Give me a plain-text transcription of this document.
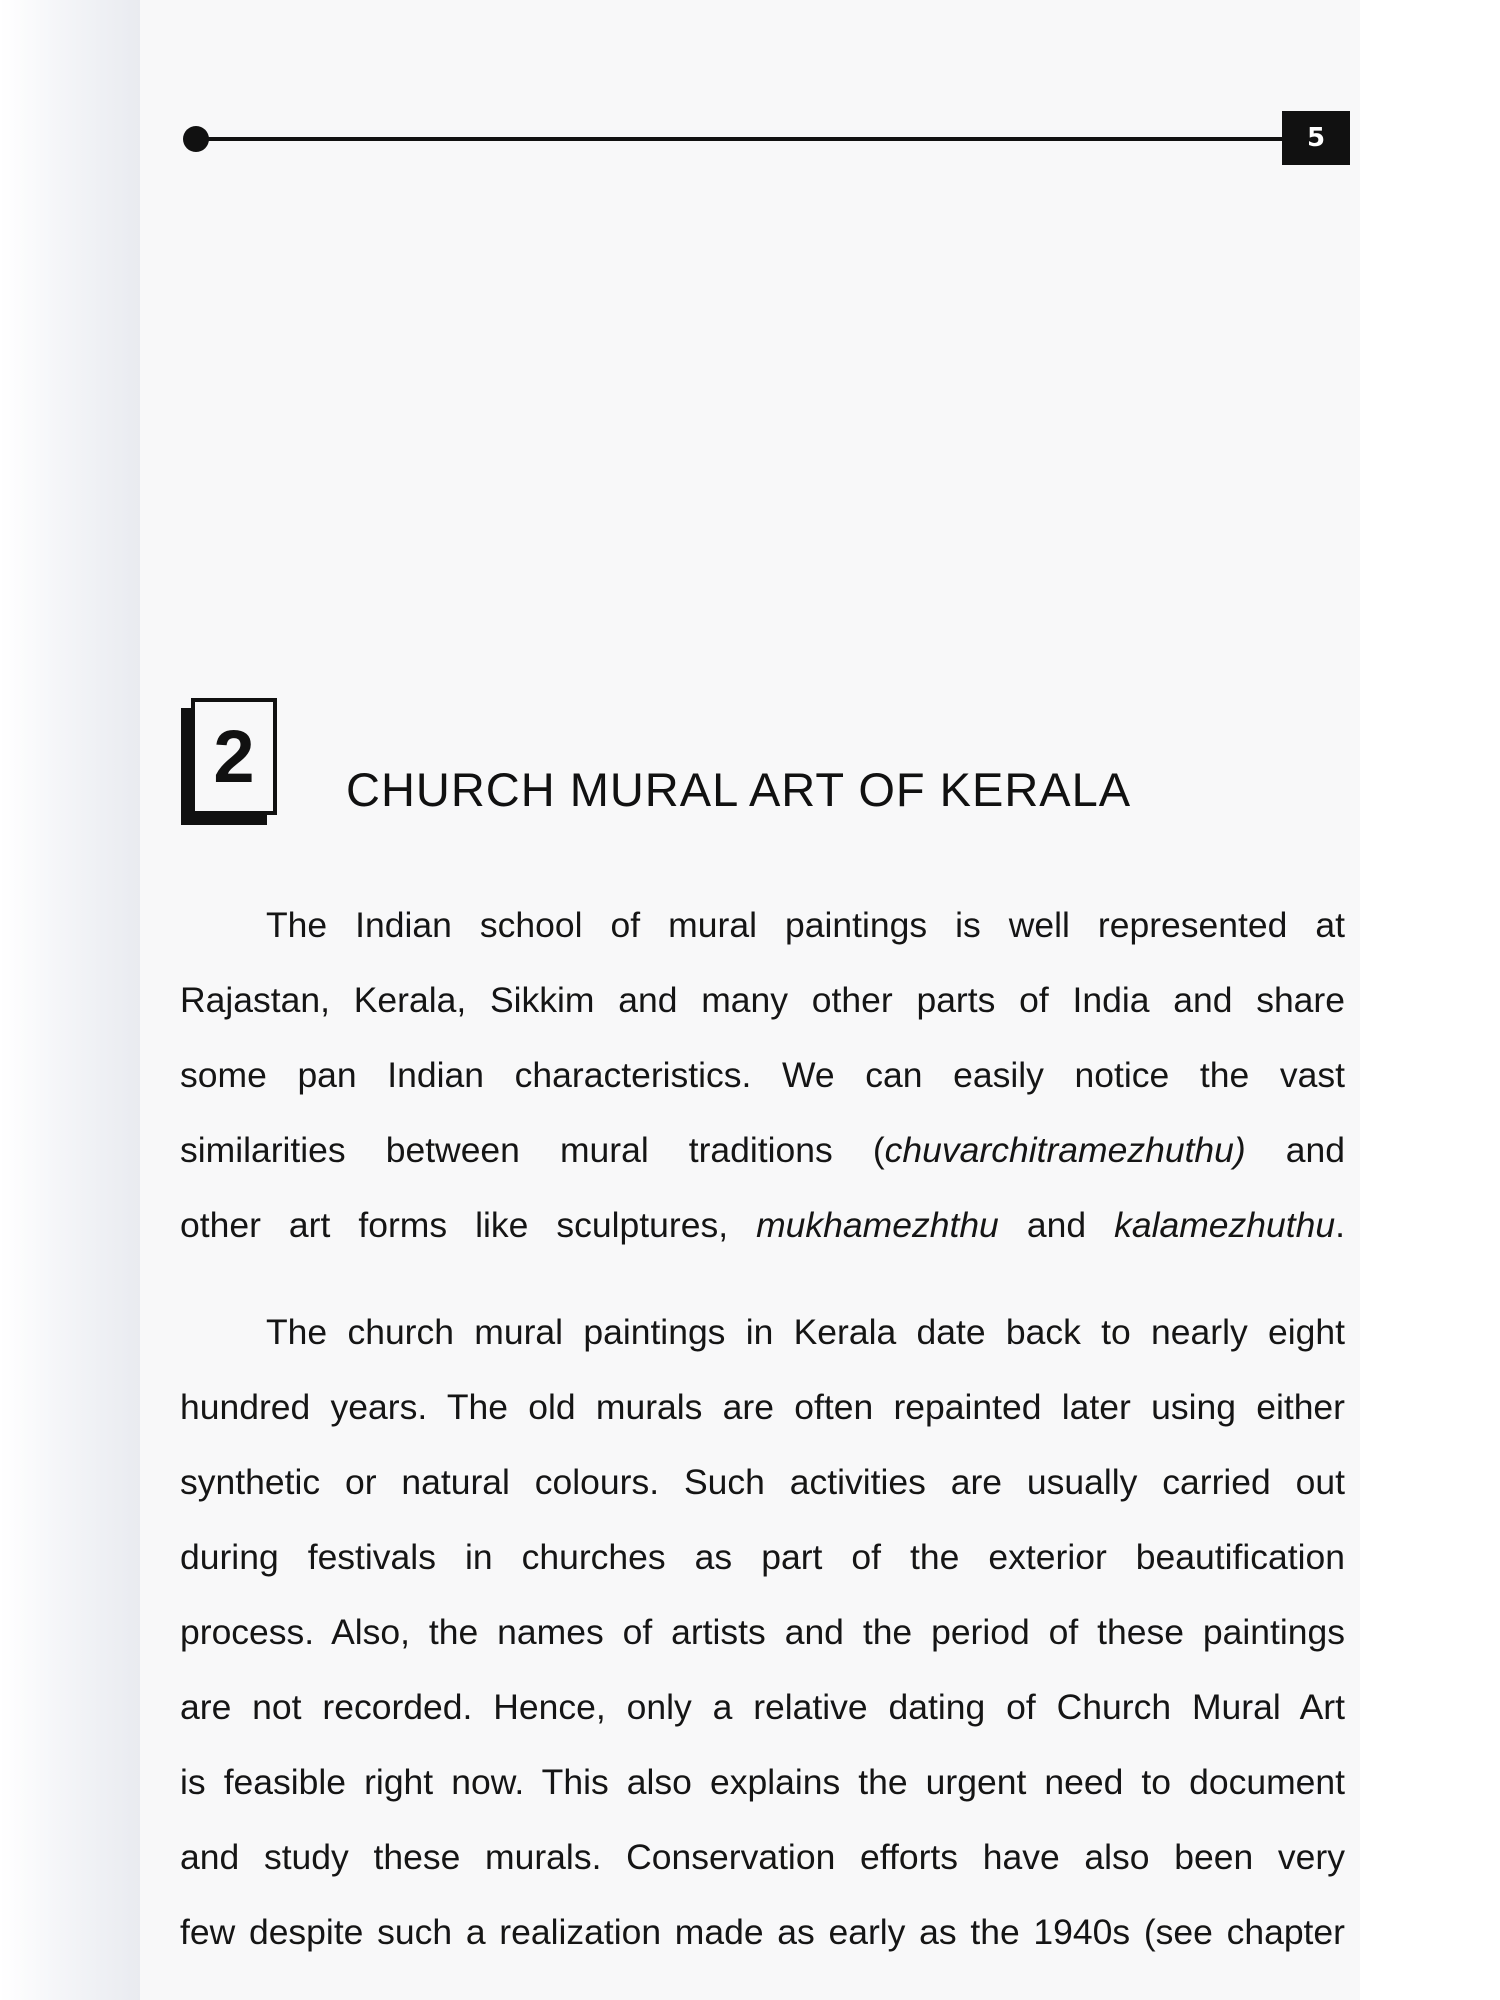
5
2	CHURCH MURAL ART OF KERALA
The Indian school of mural paintings is well represented at
Rajastan, Kerala, Sikkim and many other parts of India and share
some pan Indian characteristics. We can easily notice the vast
similarities between mural traditions (chuvarchitramezhuthu) and
other art forms like sculptures, mukhamezhthu and kalamezhuthu.
The church mural paintings in Kerala date back to nearly eight
hundred years. The old murals are often repainted later using either
synthetic or natural colours. Such activities are usually carried out
during festivals in churches as part of the exterior beautification
process. Also, the names of artists and the period of these paintings
are not recorded. Hence, only a relative dating of Church Mural Art
is feasible right now. This also explains the urgent need to document
and study these murals. Conservation efforts have also been very
few despite such a realization made as early as the 1940s (see chapter
